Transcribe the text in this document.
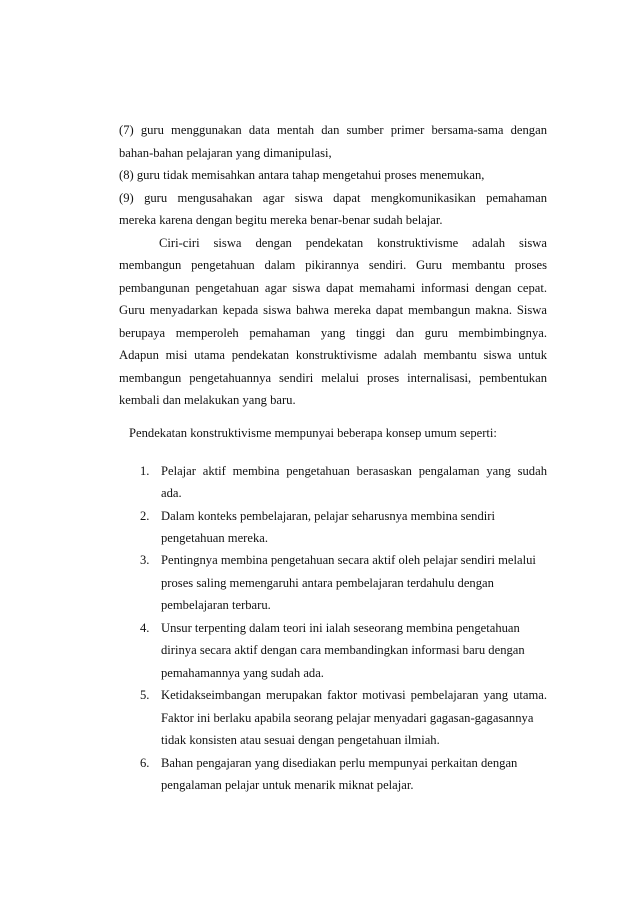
(7) guru menggunakan data mentah dan sumber primer bersama-sama dengan
bahan-bahan pelajaran yang dimanipulasi,
(8) guru tidak memisahkan antara tahap mengetahui proses menemukan,
(9) guru mengusahakan agar siswa dapat mengkomunikasikan pemahaman
mereka karena dengan begitu mereka benar-benar sudah belajar.
Ciri-ciri siswa dengan pendekatan konstruktivisme adalah siswa
membangun pengetahuan dalam pikirannya sendiri. Guru membantu proses
pembangunan pengetahuan agar siswa dapat memahami informasi dengan cepat.
Guru menyadarkan kepada siswa bahwa mereka dapat membangun makna. Siswa
berupaya memperoleh pemahaman yang tinggi dan guru membimbingnya.
Adapun misi utama pendekatan konstruktivisme adalah membantu siswa untuk
membangun pengetahuannya sendiri melalui proses internalisasi, pembentukan
kembali dan melakukan yang baru.
Pendekatan konstruktivisme mempunyai beberapa konsep umum seperti:
1. Pelajar aktif membina pengetahuan berasaskan pengalaman yang sudah
ada.
2. Dalam konteks pembelajaran, pelajar seharusnya membina sendiri
pengetahuan mereka.
3. Pentingnya membina pengetahuan secara aktif oleh pelajar sendiri melalui
proses saling memengaruhi antara pembelajaran terdahulu dengan
pembelajaran terbaru.
4. Unsur terpenting dalam teori ini ialah seseorang membina pengetahuan
dirinya secara aktif dengan cara membandingkan informasi baru dengan
pemahamannya yang sudah ada.
5. Ketidakseimbangan merupakan faktor motivasi pembelajaran yang utama.
Faktor ini berlaku apabila seorang pelajar menyadari gagasan-gagasannya
tidak konsisten atau sesuai dengan pengetahuan ilmiah.
6. Bahan pengajaran yang disediakan perlu mempunyai perkaitan dengan
pengalaman pelajar untuk menarik miknat pelajar.
